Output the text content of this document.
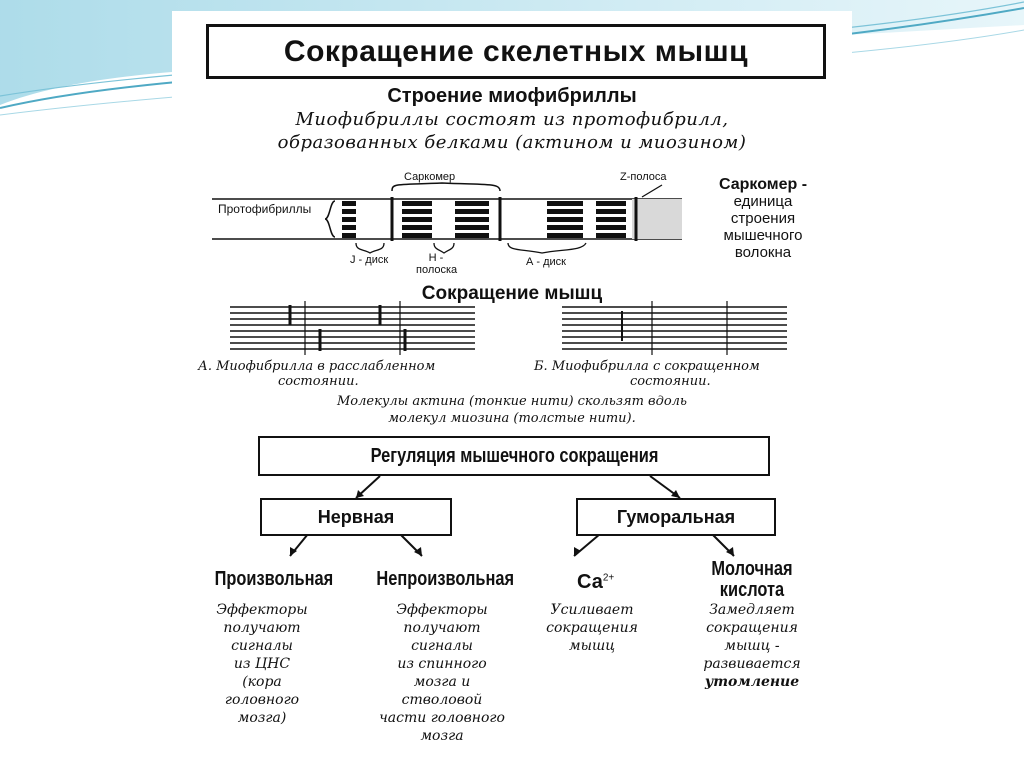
Сокращение скелетных мышц
Строение миофибриллы
Миофибриллы состоят из протофибрилл,
образованных белками (актином и миозином)
Протофибриллы
Саркомер	Z-полоса
J - диск	Н -
полоска
А - диск
Саркомер -
единица
строения
мышечного
волокна
Сокращение мышц
А. Миофибрилла в расслабленном
состоянии.
Б. Миофибрилла с сокращенном
состоянии.
Молекулы актина (тонкие нити) скользят вдоль
молекул миозина (толстые нити).
Регуляция мышечного сокращения
Нервная	Гуморальная
Произвольная Непроизвольная	$Са^{2+}$	Молочная
кислота
Эффекторы
получают
сигналы
из ЦНС
(кора
головного
мозга)
Эффекторы
получают
сигналы
из спинного
мозга и
стволовой
части головного
мозга
Усиливает
сокращения
мышц
Замедляет
сокращения
мышц -
развивается
утомление
